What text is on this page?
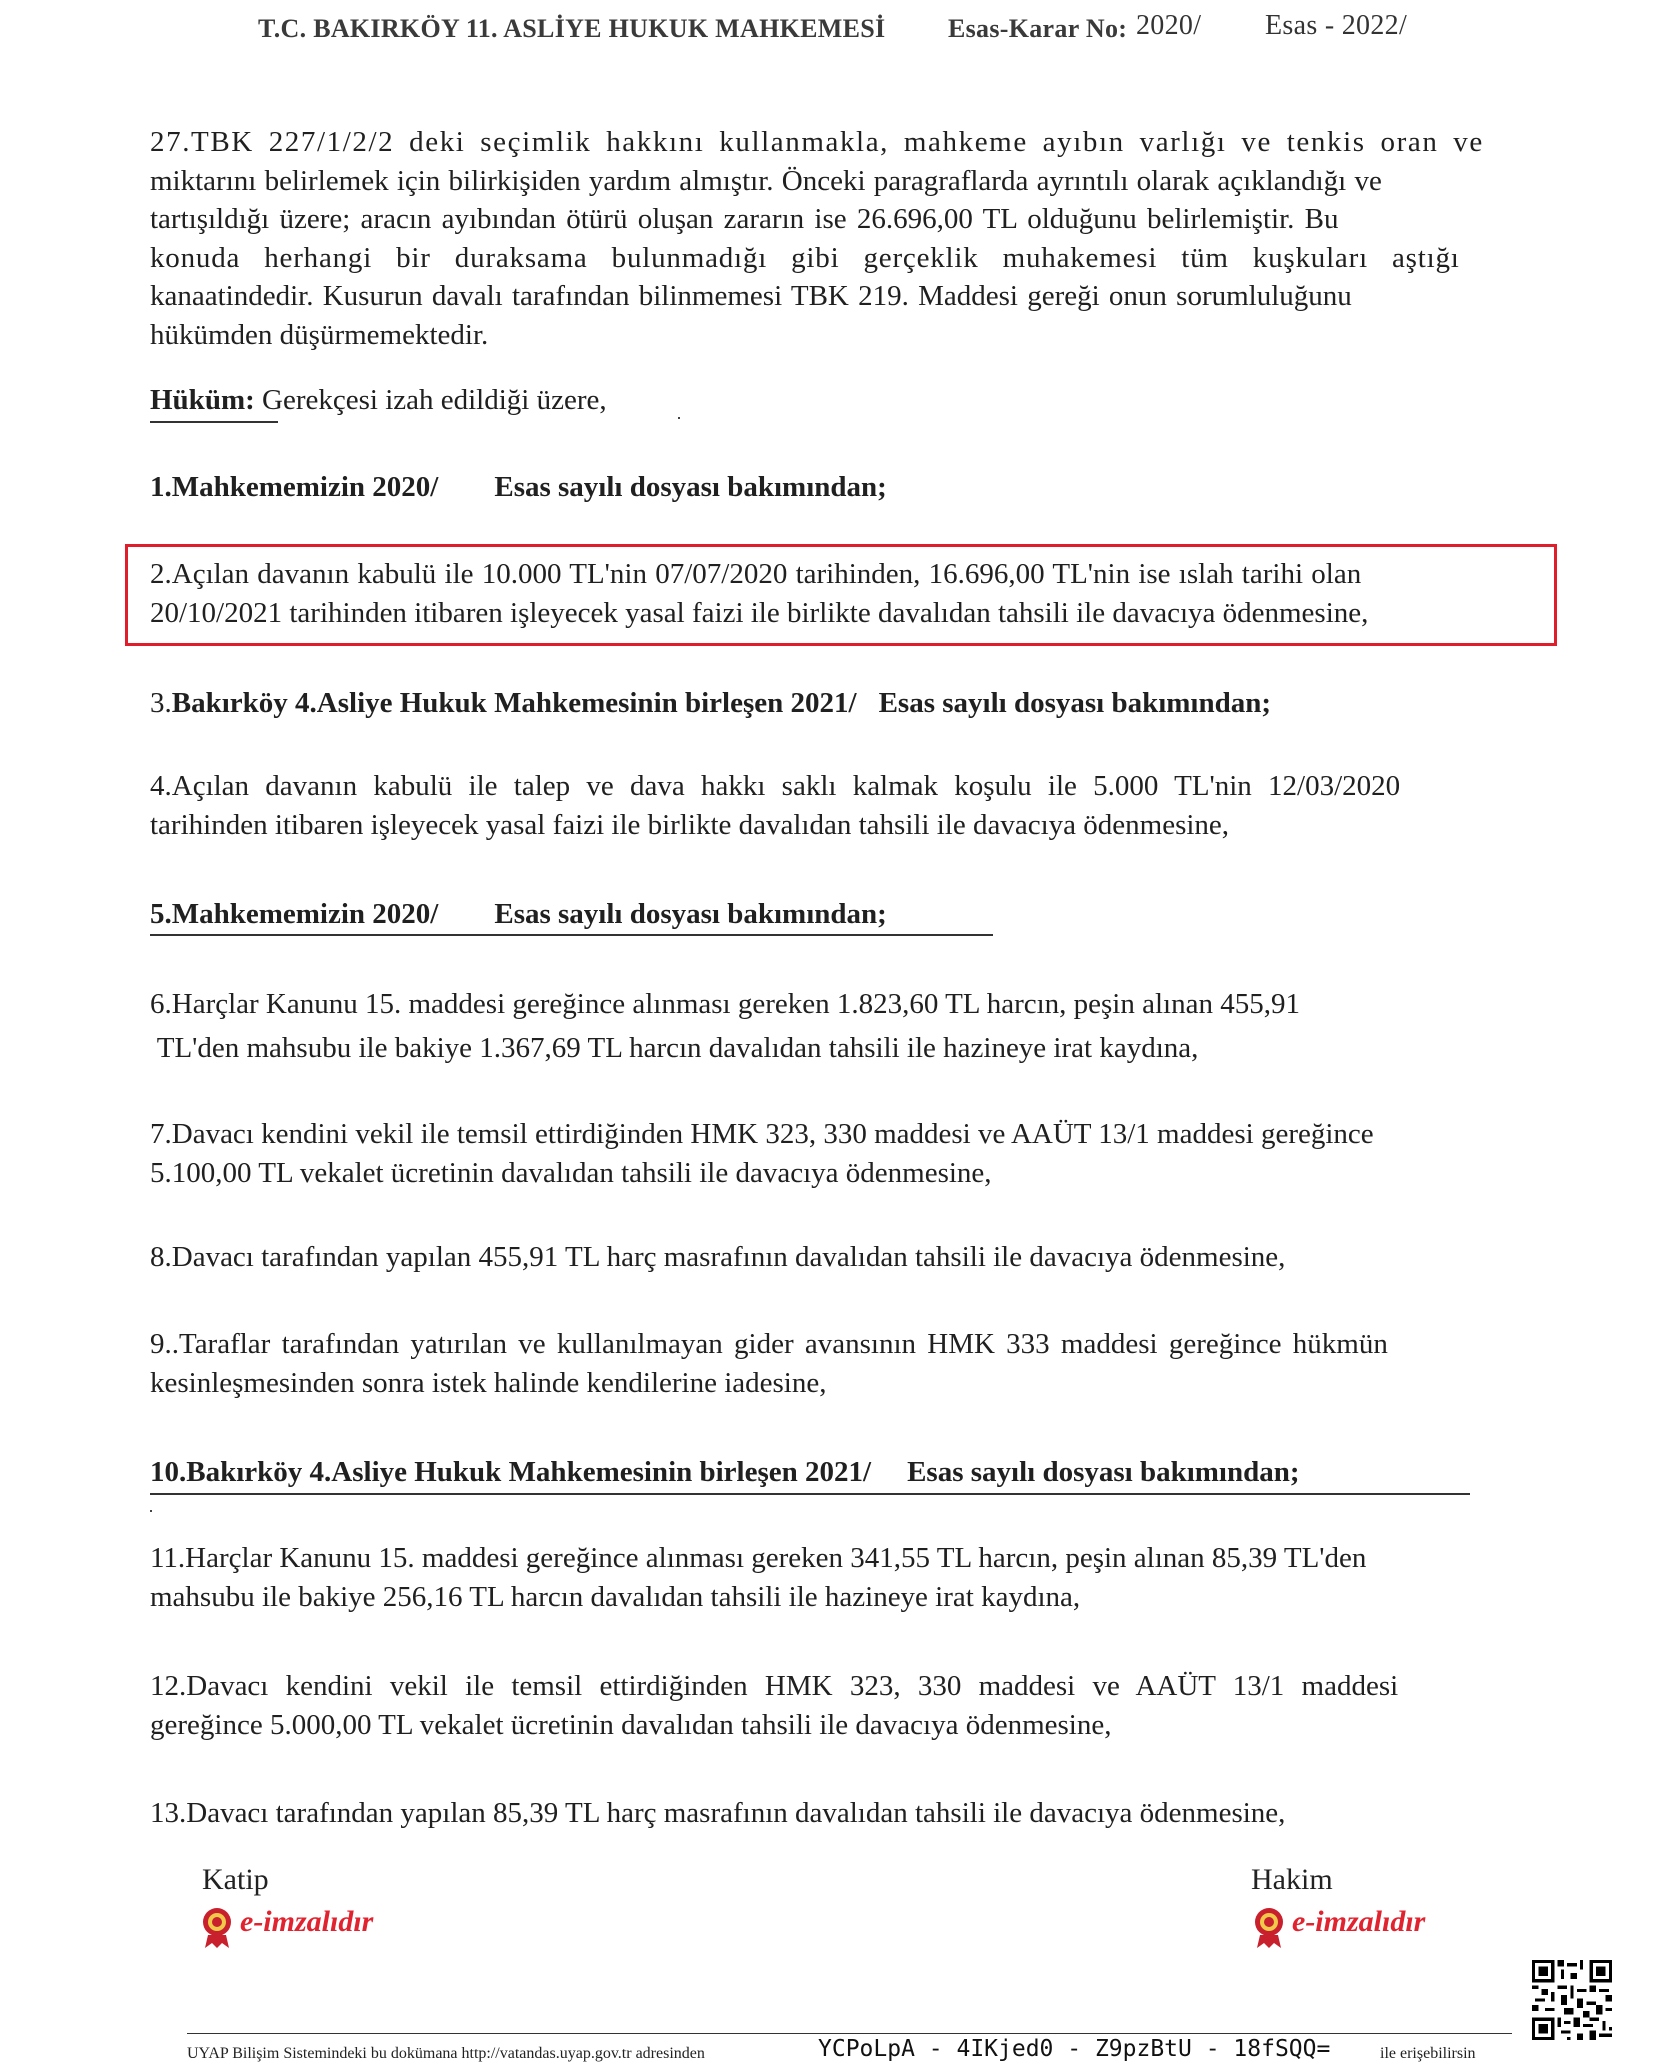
T.C. BAKIRKÖY 11. ASLİYE HUKUK MAHKEMESİ Esas-Karar No: 2020/ Esas - 2022/
27.TBK 227/1/2/2 deki seçimlik hakkını kullanmakla, mahkeme ayıbın varlığı ve tenkis oran ve
miktarını belirlemek için bilirkişiden yardım almıştır. Önceki paragraflarda ayrıntılı olarak açıklandığı ve
tartışıldığı üzere; aracın ayıbından ötürü oluşan zararın ise 26.696,00 TL olduğunu belirlemiştir. Bu
konuda herhangi bir duraksama bulunmadığı gibi gerçeklik muhakemesi tüm kuşkuları aştığı
kanaatindedir. Kusurun davalı tarafından bilinmemesi TBK 219. Maddesi gereği onun sorumluluğunu
hükümden düşürmemektedir.
Hüküm: Gerekçesi izah edildiği üzere,
1.Mahkememizin 2020/ Esas sayılı dosyası bakımından;
2.Açılan davanın kabulü ile 10.000 TL'nin 07/07/2020 tarihinden, 16.696,00 TL'nin ise ıslah tarihi olan
20/10/2021 tarihinden itibaren işleyecek yasal faizi ile birlikte davalıdan tahsili ile davacıya ödenmesine,
3.Bakırköy 4.Asliye Hukuk Mahkemesinin birleşen 2021/ Esas sayılı dosyası bakımından;
4.Açılan davanın kabulü ile talep ve dava hakkı saklı kalmak koşulu ile 5.000 TL'nin 12/03/2020
tarihinden itibaren işleyecek yasal faizi ile birlikte davalıdan tahsili ile davacıya ödenmesine,
5.Mahkememizin 2020/ Esas sayılı dosyası bakımından;
6.Harçlar Kanunu 15. maddesi gereğince alınması gereken 1.823,60 TL harcın, peşin alınan 455,91
TL'den mahsubu ile bakiye 1.367,69 TL harcın davalıdan tahsili ile hazineye irat kaydına,
7.Davacı kendini vekil ile temsil ettirdiğinden HMK 323, 330 maddesi ve AAÜT 13/1 maddesi gereğince
5.100,00 TL vekalet ücretinin davalıdan tahsili ile davacıya ödenmesine,
8.Davacı tarafından yapılan 455,91 TL harç masrafının davalıdan tahsili ile davacıya ödenmesine,
9..Taraflar tarafından yatırılan ve kullanılmayan gider avansının HMK 333 maddesi gereğince hükmün
kesinleşmesinden sonra istek halinde kendilerine iadesine,
10.Bakırköy 4.Asliye Hukuk Mahkemesinin birleşen 2021/ Esas sayılı dosyası bakımından;
11.Harçlar Kanunu 15. maddesi gereğince alınması gereken 341,55 TL harcın, peşin alınan 85,39 TL'den
mahsubu ile bakiye 256,16 TL harcın davalıdan tahsili ile hazineye irat kaydına,
12.Davacı kendini vekil ile temsil ettirdiğinden HMK 323, 330 maddesi ve AAÜT 13/1 maddesi
gereğince 5.000,00 TL vekalet ücretinin davalıdan tahsili ile davacıya ödenmesine,
13.Davacı tarafından yapılan 85,39 TL harç masrafının davalıdan tahsili ile davacıya ödenmesine,
Katip
e-imzalıdır
Hakim
e-imzalıdır
UYAP Bilişim Sistemindeki bu dokümana http://vatandas.uyap.gov.tr adresinden	YCPoLpA - 4IKjed0 - Z9pzBtU - 18fSQQ=	ile erişebilirsin
